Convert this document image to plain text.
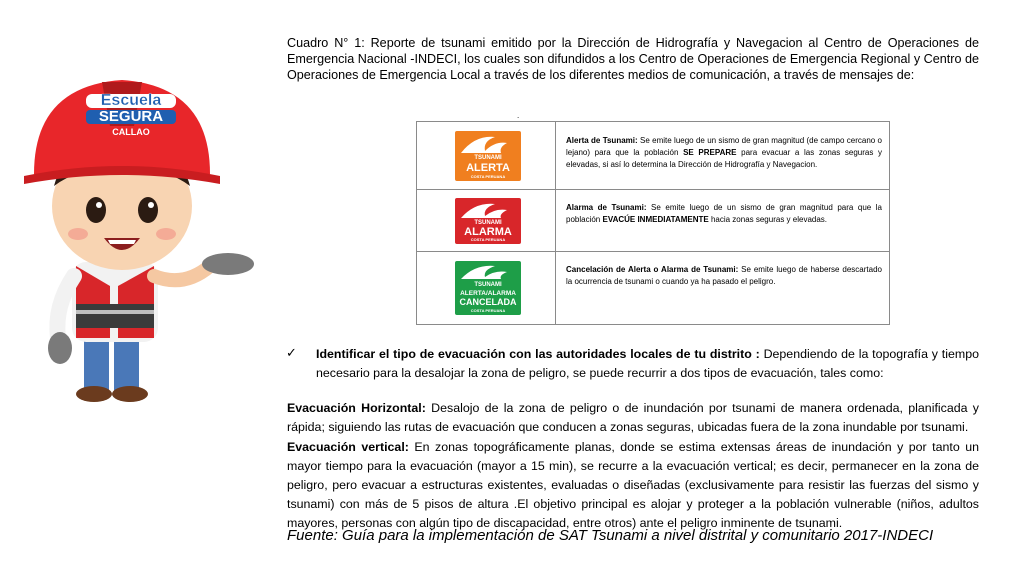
Escuela
SEGURA
CALLAO
Cuadro N° 1: Reporte de tsunami emitido por la Dirección de Hidrografía y Navegacion al Centro de Operaciones de Emergencia Nacional -INDECI, los cuales son difundidos a los Centro de Operaciones de Emergencia Regional y Centro de Operaciones de Emergencia Local a través de los diferentes medios de comunicación, a través de mensajes de:
.
TSUNAMI
ALERTA
COSTA PERUANA
Alerta de Tsunami: Se emite luego de un sismo de gran magnitud (de campo cercano o lejano) para que la población SE PREPARE para evacuar a las zonas seguras y elevadas, si así lo determina la Dirección de Hidrografía y Navegacion.
TSUNAMI
ALARMA
COSTA PERUANA
Alarma de Tsunami: Se emite luego de un sismo de gran magnitud para que la población EVACÚE INMEDIATAMENTE hacia zonas seguras y elevadas.
TSUNAMI
ALERTA/ALARMA
CANCELADA
COSTA PERUANA
Cancelación de Alerta o Alarma de Tsunami: Se emite luego de haberse descartado la ocurrencia de tsunami o cuando ya ha pasado el peligro.
✓ Identificar el tipo de evacuación con las autoridades locales de tu distrito : Dependiendo de la topografía y tiempo necesario para la desalojar la zona de peligro, se puede recurrir a dos tipos de evacuación, tales como:
Evacuación Horizontal: Desalojo de la zona de peligro o de inundación por tsunami de manera ordenada, planificada y rápida; siguiendo las rutas de evacuación que conducen a zonas seguras, ubicadas fuera de la zona inundable por tsunami.
Evacuación vertical: En zonas topográficamente planas, donde se estima extensas áreas de inundación y por tanto un mayor tiempo para la evacuación (mayor a 15 min), se recurre a la evacuación vertical; es decir, permanecer en la zona de peligro, pero evacuar a estructuras existentes, evaluadas o diseñadas (exclusivamente para resistir las fuerzas del sismo y tsunami) con más de 5 pisos de altura .El objetivo principal es alojar y proteger a la población vulnerable (niños, adultos mayores, personas con algún tipo de discapacidad, entre otros) ante el peligro inminente de tsunami.
Fuente: Guía para la implementación de SAT Tsunami a nivel distrital y comunitario 2017-INDECI
